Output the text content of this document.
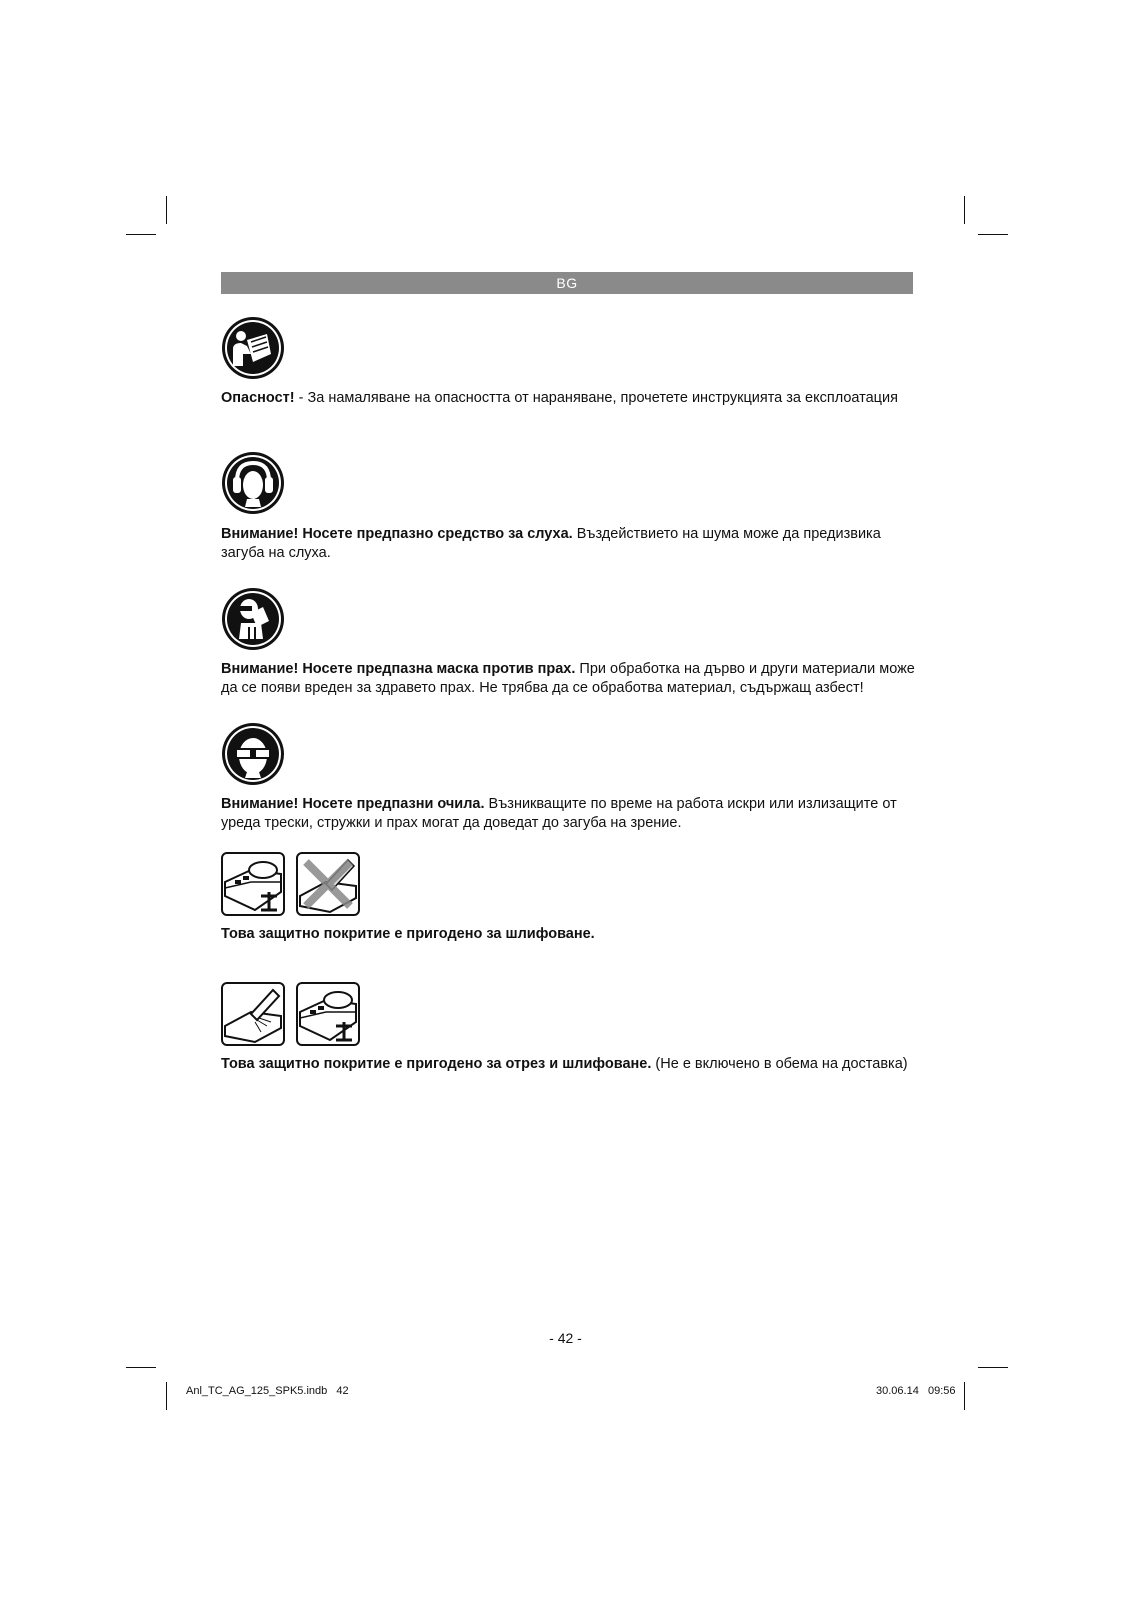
BG
Опасност! - За намаляване на опасността от нараняване, прочетете инструкцията за експлоатация
Внимание! Носете предпазно средство за слуха. Въздействието на шума може да предизвика загуба на слуха.
Внимание! Носете предпазна маска против прах. При обработка на дърво и други материали може да се появи вреден за здравето прах. Не трябва да се обработва материал, съдържащ азбест!
Внимание! Носете предпазни очила. Възникващите по време на работа искри или излизащите от уреда трески, стружки и прах могат да доведат до загуба на зрение.
Това защитно покритие е пригодено за шлифоване.
Това защитно покритие е пригодено за отрез и шлифоване. (Не е включено в обема на доставка)
- 42 -
Anl_TC_AG_125_SPK5.indb   42	30.06.14   09:56
